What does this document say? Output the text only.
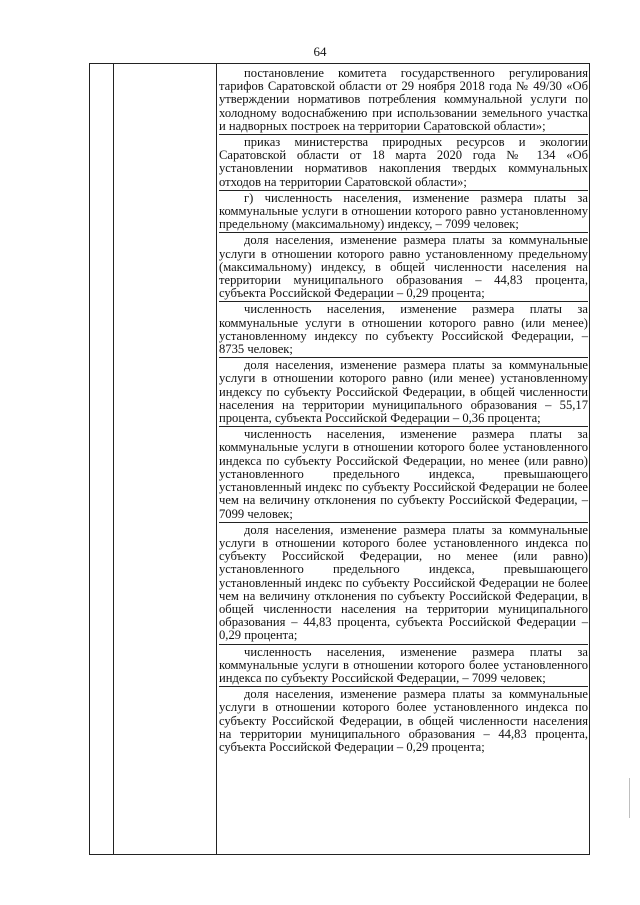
64
постановление комитета государственного регулирования тарифов Саратовской области от 29 ноября 2018 года № 49/30 «Об утверждении нормативов потребления коммунальной услуги по холодному водоснабжению при использовании земельного участка и надворных построек на территории Саратовской области»;
приказ министерства природных ресурсов и экологии Саратовской области от 18 марта 2020 года № 134 «Об установлении нормативов накопления твердых коммунальных отходов на территории Саратовской области»;
г) численность населения, изменение размера платы за коммунальные услуги в отношении которого равно установленному предельному (максимальному) индексу, – 7099 человек;
доля населения, изменение размера платы за коммунальные услуги в отношении которого равно установленному предельному (максимальному) индексу, в общей численности населения на территории муниципального образования – 44,83 процента, субъекта Российской Федерации – 0,29 процента;
численность населения, изменение размера платы за коммунальные услуги в отношении которого равно (или менее) установленному индексу по субъекту Российской Федерации, – 8735 человек;
доля населения, изменение размера платы за коммунальные услуги в отношении которого равно (или менее) установленному индексу по субъекту Российской Федерации, в общей численности населения на территории муниципального образования – 55,17 процента, субъекта Российской Федерации – 0,36 процента;
численность населения, изменение размера платы за коммунальные услуги в отношении которого более установленного индекса по субъекту Российской Федерации, но менее (или равно) установленного предельного индекса, превышающего установленный индекс по субъекту Российской Федерации не более чем на величину отклонения по субъекту Российской Федерации, – 7099 человек;
доля населения, изменение размера платы за коммунальные услуги в отношении которого более установленного индекса по субъекту Российской Федерации, но менее (или равно) установленного предельного индекса, превышающего установленный индекс по субъекту Российской Федерации не более чем на величину отклонения по субъекту Российской Федерации, в общей численности населения на территории муниципального образования – 44,83 процента, субъекта Российской Федерации – 0,29 процента;
численность населения, изменение размера платы за коммунальные услуги в отношении которого более установленного индекса по субъекту Российской Федерации, – 7099 человек;
доля населения, изменение размера платы за коммунальные услуги в отношении которого более установленного индекса по субъекту Российской Федерации, в общей численности населения на территории муниципального образования – 44,83 процента, субъекта Российской Федерации – 0,29 процента;
